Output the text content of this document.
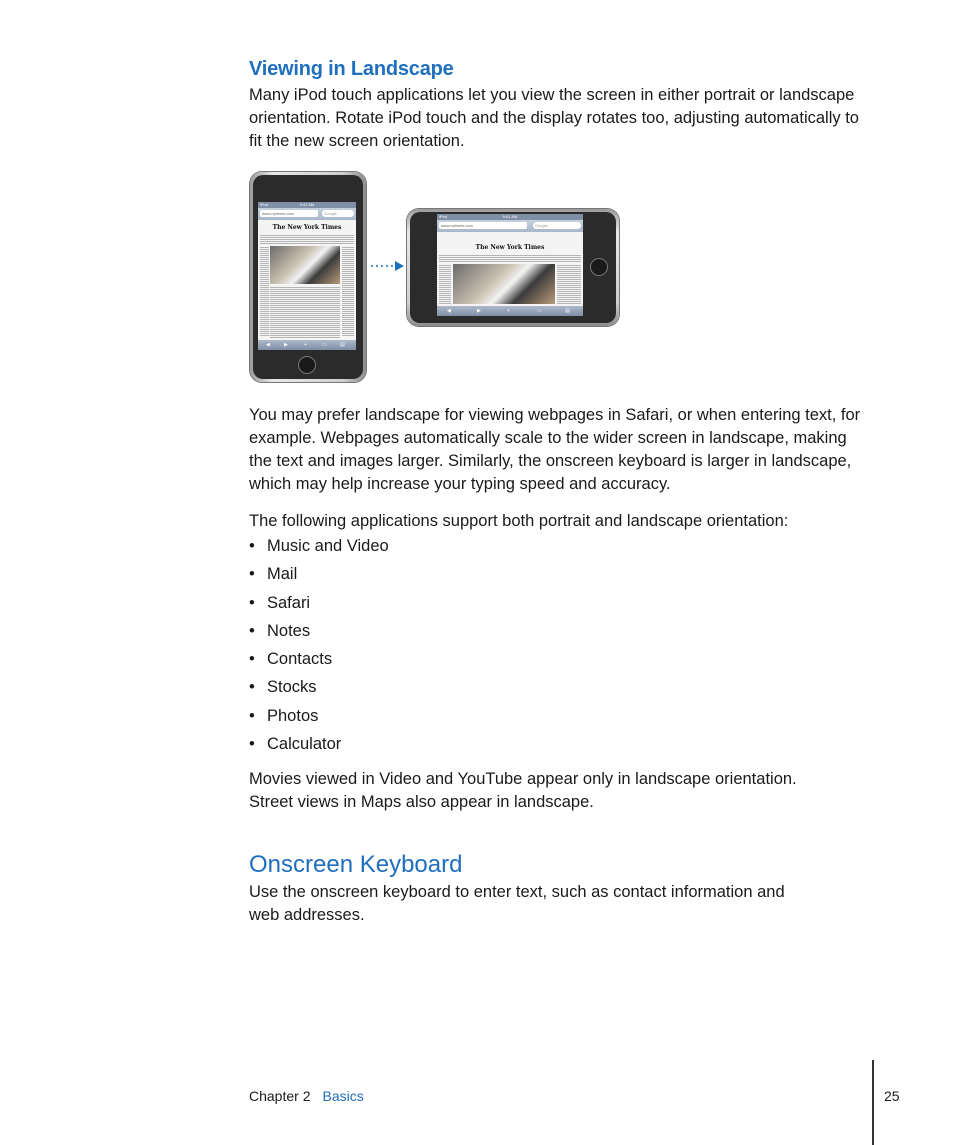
Viewing in Landscape
Many iPod touch applications let you view the screen in either portrait or landscape orientation. Rotate iPod touch and the display rotates too, adjusting automatically to fit the new screen orientation.
iPod	9:41 AM
www.nytimes.com	Google
The New York Times
◀	▶	+	▭	▤
iPod	9:41 AM
www.nytimes.com	Google
The New York Times
◀	▶	+	▭	▤
You may prefer landscape for viewing webpages in Safari, or when entering text, for example. Webpages automatically scale to the wider screen in landscape, making the text and images larger. Similarly, the onscreen keyboard is larger in landscape, which may help increase your typing speed and accuracy.
The following applications support both portrait and landscape orientation:
• Music and Video
• Mail
• Safari
• Notes
• Contacts
• Stocks
• Photos
• Calculator
Movies viewed in Video and YouTube appear only in landscape orientation.
Street views in Maps also appear in landscape.
Onscreen Keyboard
Use the onscreen keyboard to enter text, such as contact information and
web addresses.
Chapter 2 Basics	25
